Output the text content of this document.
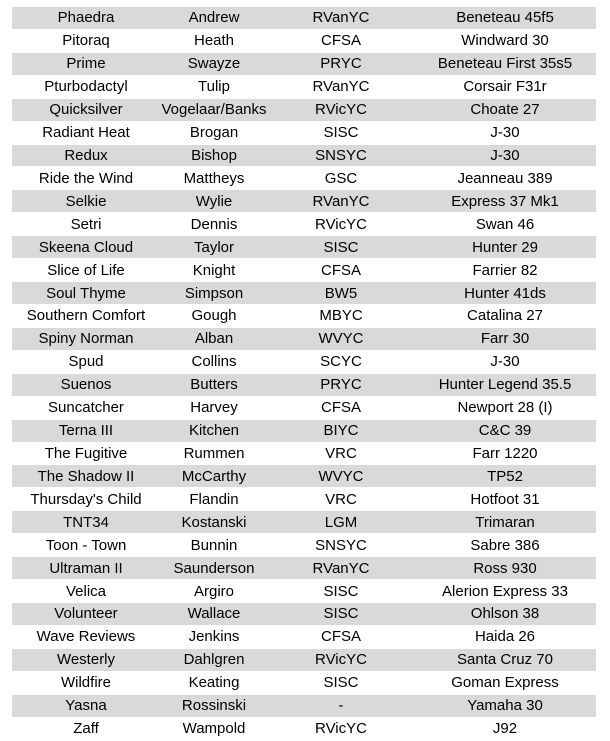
Phaedra	Andrew	RVanYC	Beneteau 45f5
Pitoraq	Heath	CFSA	Windward 30
Prime	Swayze	PRYC	Beneteau First 35s5
Pturbodactyl	Tulip	RVanYC	Corsair F31r
Quicksilver	Vogelaar/Banks	RVicYC	Choate 27
Radiant Heat	Brogan	SISC	J-30
Redux	Bishop	SNSYC	J-30
Ride the Wind	Mattheys	GSC	Jeanneau 389
Selkie	Wylie	RVanYC	Express 37 Mk1
Setri	Dennis	RVicYC	Swan 46
Skeena Cloud	Taylor	SISC	Hunter 29
Slice of Life	Knight	CFSA	Farrier 82
Soul Thyme	Simpson	BW5	Hunter 41ds
Southern Comfort	Gough	MBYC	Catalina 27
Spiny Norman	Alban	WVYC	Farr 30
Spud	Collins	SCYC	J-30
Suenos	Butters	PRYC	Hunter Legend 35.5
Suncatcher	Harvey	CFSA	Newport 28 (I)
Terna III	Kitchen	BIYC	C&C 39
The Fugitive	Rummen	VRC	Farr 1220
The Shadow II	McCarthy	WVYC	TP52
Thursday's Child	Flandin	VRC	Hotfoot 31
TNT34	Kostanski	LGM	Trimaran
Toon - Town	Bunnin	SNSYC	Sabre 386
Ultraman II	Saunderson	RVanYC	Ross 930
Velica	Argiro	SISC	Alerion Express 33
Volunteer	Wallace	SISC	Ohlson 38
Wave Reviews	Jenkins	CFSA	Haida 26
Westerly	Dahlgren	RVicYC	Santa Cruz 70
Wildfire	Keating	SISC	Goman Express
Yasna	Rossinski	-	Yamaha 30
Zaff	Wampold	RVicYC	J92
